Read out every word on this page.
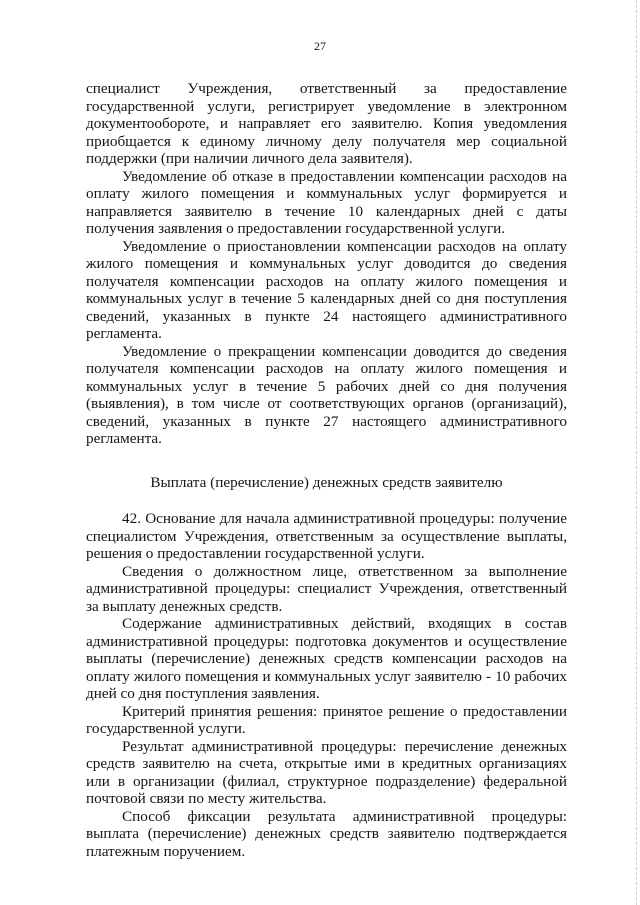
27

специалист Учреждения, ответственный за предоставление государственной услуги, регистрирует уведомление в электронном документообороте, и направляет его заявителю. Копия уведомления приобщается к единому личному делу получателя мер социальной поддержки (при наличии личного дела заявителя).

Уведомление об отказе в предоставлении компенсации расходов на оплату жилого помещения и коммунальных услуг формируется и направляется заявителю в течение 10 календарных дней с даты получения заявления о предоставлении государственной услуги.

Уведомление о приостановлении компенсации расходов на оплату жилого помещения и коммунальных услуг доводится до сведения получателя компенсации расходов на оплату жилого помещения и коммунальных услуг в течение 5 календарных дней со дня поступления сведений, указанных в пункте 24 настоящего административного регламента.

Уведомление о прекращении компенсации доводится до сведения получателя компенсации расходов на оплату жилого помещения и коммунальных услуг в течение 5 рабочих дней со дня получения (выявления), в том числе от соответствующих органов (организаций), сведений, указанных в пункте 27 настоящего административного регламента.

Выплата (перечисление) денежных средств заявителю

42. Основание для начала административной процедуры: получение специалистом Учреждения, ответственным за осуществление выплаты, решения о предоставлении государственной услуги.

Сведения о должностном лице, ответственном за выполнение административной процедуры: специалист Учреждения, ответственный за выплату денежных средств.

Содержание административных действий, входящих в состав административной процедуры: подготовка документов и осуществление выплаты (перечисление) денежных средств компенсации расходов на оплату жилого помещения и коммунальных услуг заявителю - 10 рабочих дней со дня поступления заявления.

Критерий принятия решения: принятое решение о предоставлении государственной услуги.

Результат административной процедуры: перечисление денежных средств заявителю на счета, открытые ими в кредитных организациях или в организации (филиал, структурное подразделение) федеральной почтовой связи по месту жительства.

Способ фиксации результата административной процедуры: выплата (перечисление) денежных средств заявителю подтверждается платежным поручением.
